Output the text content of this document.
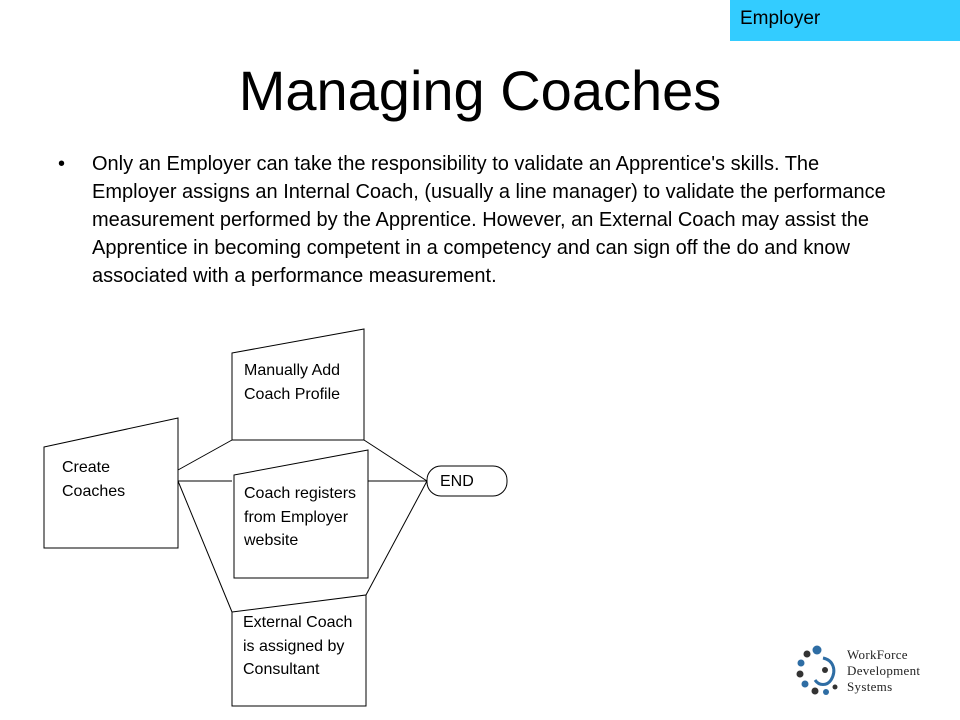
Employer
Managing Coaches
•	Only an Employer can take the responsibility to validate an Apprentice's skills. The Employer assigns an Internal Coach, (usually a line manager) to validate the performance measurement performed by the Apprentice. However, an External Coach may assist the Apprentice in becoming competent in a competency and can sign off the do and know associated with a performance measurement.
Create Coaches
Manually Add Coach Profile
Coach registers from Employer website
External Coach is assigned by Consultant
END
WorkForce
Development
Systems
